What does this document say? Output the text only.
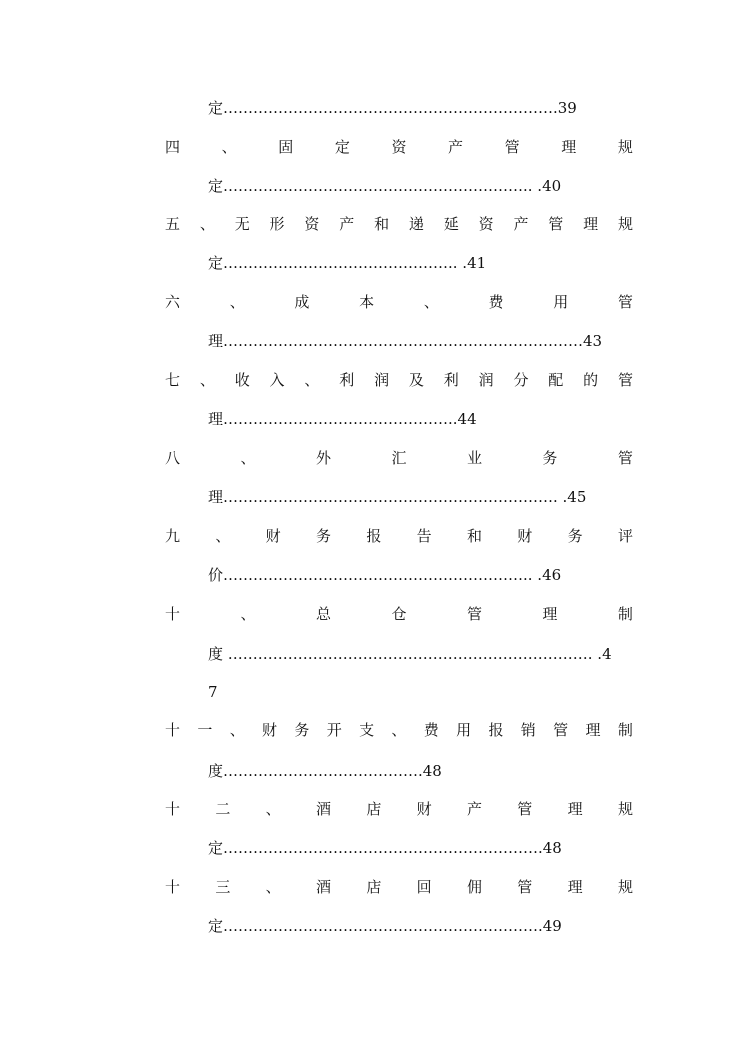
定………………………………………………………….39
四	、	固	定	资	产	管	理	规
定…………………………………………………….. .40
五 、 无 形 资 产 和 递 延 资 产 管 理 规
定……………………………………….. .41
六	、	成	本	、	费	用	管
理………………………………………………………………43
七 、 收 入 、 利 润 及 利 润 分 配 的 管
理………………………………………..44
八	、	外	汇	业	务	管
理…………………………………………………………. .45
九 、 财 务 报 告 和 财 务 评
价…………………………………………………….. .46
十	、	总	仓	管	理	制
度 ………………………………………………………………. .4
7
十 一 、 财 务 开 支 、 费 用 报 销 管 理 制
度………………………………….48
十 二 、 酒 店 财 产 管 理 规
定……………………………………………………….48
十 三 、 酒 店 回 佣 管 理 规
定……………………………………………………….49
